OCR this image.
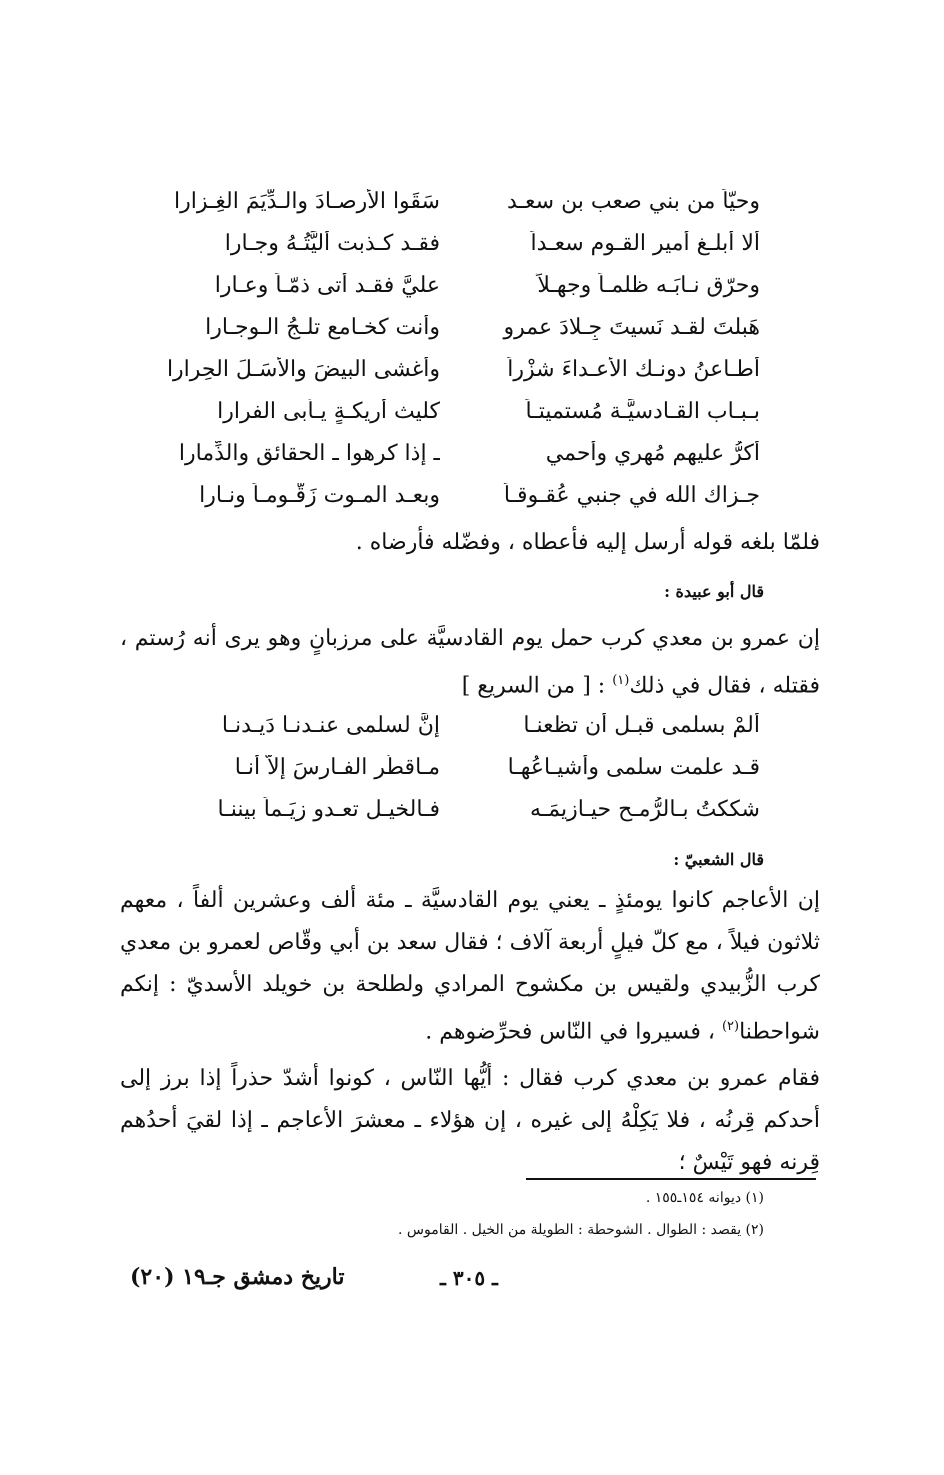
وحيّاً من بني صعب بن سعـد
سَقَوا الأرصـادَ والـدِّيَمَ الغِـزارا
ألا أبلـغ أمير القـوم سعـداً
فقـد كـذبت أليَّتُـهُ وجـارا
وحرّق نـابَـه ظلمـاً وجهـلاً
عليَّ فقـد أتى ذمّـاً وعـارا
هَبلتَ لقـد نَسيتَ جِـلادَ عمرو
وأنت كخـامع تلـجُ الـوجـارا
أطـاعنُ دونـك الأعـداءَ شزْراً
وأغشى البيضَ والأسَـلَ الحِرارا
بـبـاب القـادسيَّـة مُستميتـاً
كليث أريكـةٍ يـأبى الفرارا
أكرُّ عليهم مُهري وأحمي
ـ إذا كرهوا ـ الحقائق والذِّمارا
جـزاك الله في جنبي عُقـوقـاً
وبعـد المـوت زَقُّـومـاً ونـارا
فلمّا بلغه قوله أرسل إليه فأعطاه ، وفضّله فأرضاه .
قال أبو عبيدة :
إن عمرو بن معدي كرب حمل يوم القادسيَّة على مرزبانٍ وهو يرى أنه رُستم ، فقتله ، فقال في ذلك$^{(١)}$ : [ من السريع ]
ألمْ بسلمى قبـل أن تظعنـا
إنَّ لسلمى عنـدنـا دَيـدنـا
قـد علمت سلمى وأشيـاعُهـا
مـاقطّر الفـارسَ إلاّ أنـا
شككتُ بـالرُّمـح حيـازيمَـه
فـالخيـل تعـدو زِيَـماً بيننـا
قال الشعبيّ :
إن الأعاجم كانوا يومئذٍ ـ يعني يوم القادسيَّة ـ مئة ألف وعشرين ألفاً ، معهم ثلاثون فيلاً ، مع كلّ فيلٍ أربعة آلاف ؛ فقال سعد بن أبي وقّاص لعمرو بن معدي كرب الزُّبيدي ولقيس بن مكشوح المرادي ولطلحة بن خويلد الأسديّ : إنكم شواحطنا$^{(٢)}$ ، فسيروا في النّاس فحرِّضوهم .
فقام عمرو بن معدي كرب فقال : أيُّها النّاس ، كونوا أشدّ حذراً إذا برز إلى أحدكم قِرنُه ، فلا يَكِلْهُ إلى غيره ، إن هؤلاء ـ معشرَ الأعاجم ـ إذا لقيَ أحدُهم قِرنه فهو تَيْسٌ ؛
(١) ديوانه ١٥٤ـ١٥٥ .
(٢) يقصد : الطوال . الشوحطة : الطويلة من الخيل . القاموس .
ـ ٣٠٥ ـ
تاريخ دمشق جـ١٩ (٢٠)
